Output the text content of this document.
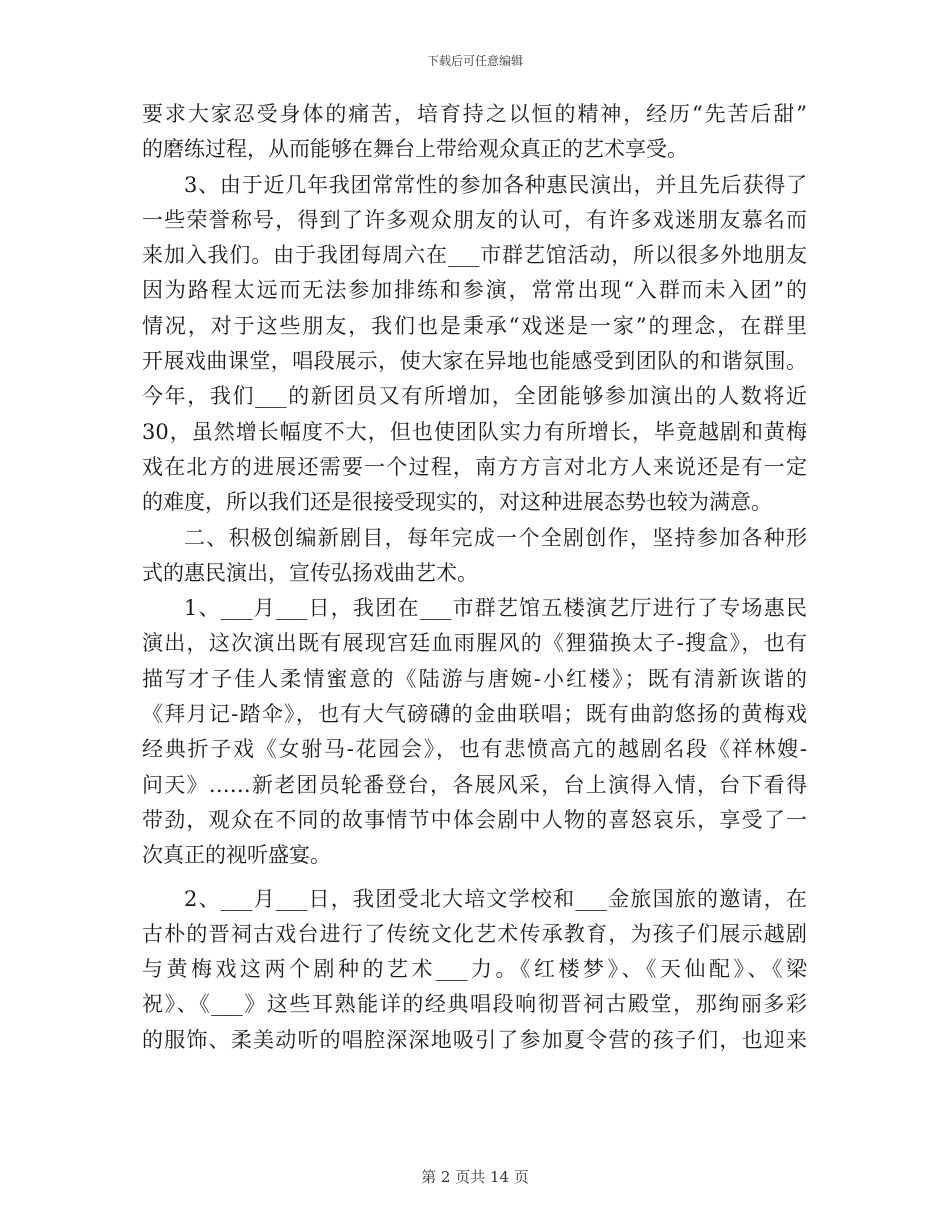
下载后可任意编辑
要求大家忍受身体的痛苦，培育持之以恒的精神，经历“先苦后甜”
的磨练过程，从而能够在舞台上带给观众真正的艺术享受。
3、由于近几年我团常常性的参加各种惠民演出，并且先后获得了
一些荣誉称号，得到了许多观众朋友的认可，有许多戏迷朋友慕名而
来加入我们。由于我团每周六在___市群艺馆活动，所以很多外地朋友
因为路程太远而无法参加排练和参演，常常出现“入群而未入团”的
情况，对于这些朋友，我们也是秉承“戏迷是一家”的理念，在群里
开展戏曲课堂，唱段展示，使大家在异地也能感受到团队的和谐氛围。
今年，我们___的新团员又有所增加，全团能够参加演出的人数将近
30，虽然增长幅度不大，但也使团队实力有所增长，毕竟越剧和黄梅
戏在北方的进展还需要一个过程，南方方言对北方人来说还是有一定
的难度，所以我们还是很接受现实的，对这种进展态势也较为满意。
二、积极创编新剧目，每年完成一个全剧创作，坚持参加各种形
式的惠民演出，宣传弘扬戏曲艺术。
1、___月___日，我团在___市群艺馆五楼演艺厅进行了专场惠民
演出，这次演出既有展现宫廷血雨腥风的《狸猫换太子-搜盒》，也有
描写才子佳人柔情蜜意的《陆游与唐婉-小红楼》；既有清新诙谐的
《拜月记-踏伞》，也有大气磅礴的金曲联唱；既有曲韵悠扬的黄梅戏
经典折子戏《女驸马-花园会》，也有悲愤高亢的越剧名段《祥林嫂-
问天》……新老团员轮番登台，各展风采，台上演得入情，台下看得
带劲，观众在不同的故事情节中体会剧中人物的喜怒哀乐，享受了一
次真正的视听盛宴。
2、___月___日，我团受北大培文学校和___金旅国旅的邀请，在
古朴的晋祠古戏台进行了传统文化艺术传承教育，为孩子们展示越剧
与黄梅戏这两个剧种的艺术___力。《红楼梦》、《天仙配》、《梁
祝》、《___》这些耳熟能详的经典唱段响彻晋祠古殿堂，那绚丽多彩
的服饰、柔美动听的唱腔深深地吸引了参加夏令营的孩子们，也迎来
第 2 页共 14 页
